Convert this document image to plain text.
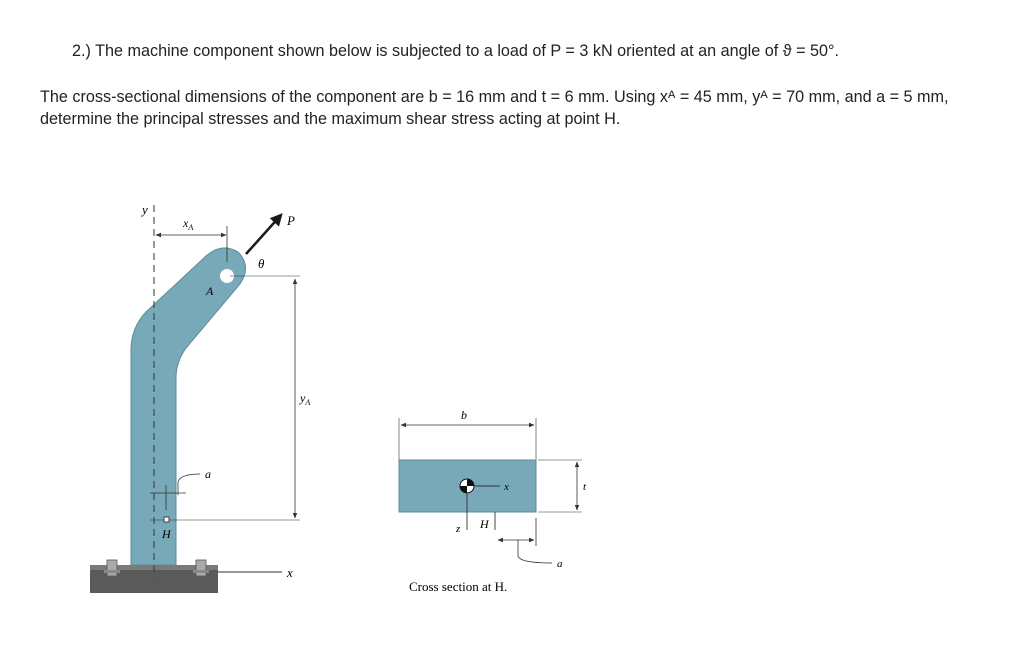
2.) The machine component shown below is subjected to a load of P = 3 kN oriented at an angle of ϑ = 50°.

The cross-sectional dimensions of the component are b = 16 mm and t = 6 mm. Using xᴬ = 45 mm, yᴬ = 70 mm, and a = 5 mm, determine the principal stresses and the maximum shear stress acting at point H.

y
x
$x_A$	P
θ
A
$y_A$
a
H
b
t
x
z H
a
Cross section at H.
